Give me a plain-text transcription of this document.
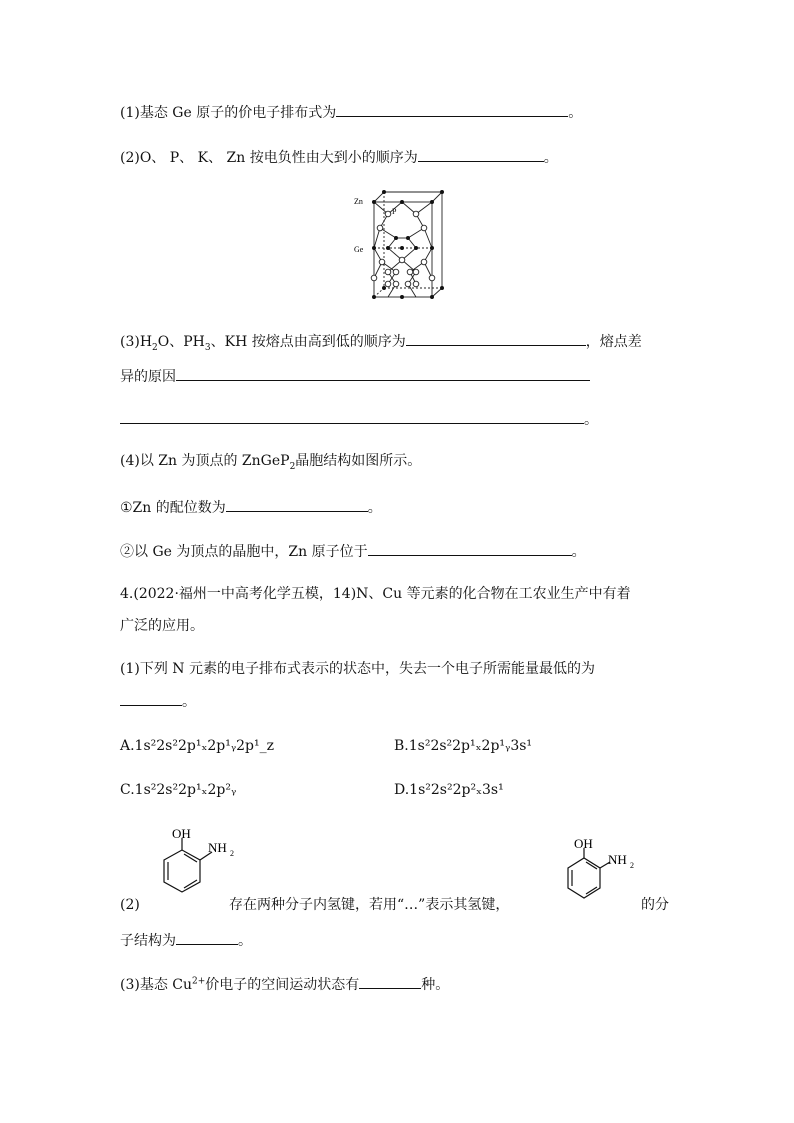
(1)基态 Ge 原子的价电子排布式为	。
(2)O、 P、 K、 Zn 按电负性由大到小的顺序为	。
Zn
P
Ge
$(3)H_2O$、$PH_3$、KH 按熔点由高到低的顺序为	，熔点差
异的原因
。
(4)以 Zn 为顶点的 ZnGeP$_2$晶胞结构如图所示。
①Zn 的配位数为	。
②以 Ge 为顶点的晶胞中，Zn 原子位于	。
4.(2022·福州一中高考化学五模，14)N、Cu 等元素的化合物在工农业生产中有着
广泛的应用。
(1)下列 N 元素的电子排布式表示的状态中，失去一个电子所需能量最低的为
。
A.1s²2s²2p¹ₓ2p¹ᵧ2p¹_z	B.1s²2s²2p¹ₓ2p¹ᵧ3s¹
C.1s²2s²2p¹ₓ2p²ᵧ	D.1s²2s²2p²ₓ3s¹
OH
NH 2
OH
NH 2
(2)	存在两种分子内氢键，若用“…”表示其氢键，	的分
子结构为	。
(3)基态 $Cu^{2+}$价电子的空间运动状态有	种。
